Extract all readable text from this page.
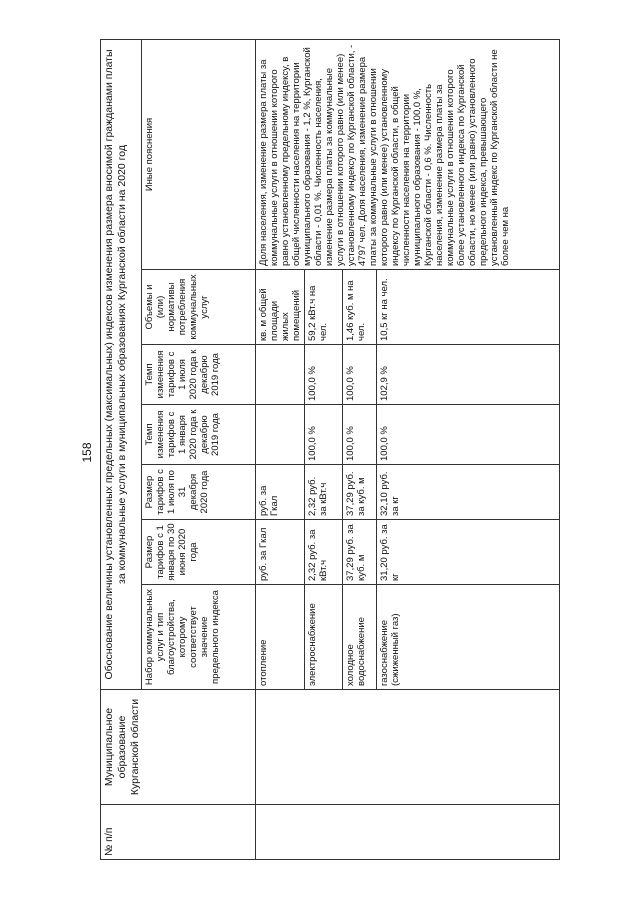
158
№ п/п	Муниципальное образование Курганской области	Обоснование величины установленных предельных (максимальных) индексов изменения размера вносимой гражданами платы за коммунальные услуги в муниципальных образованиях Курганской области на 2020 год						
		Набор коммунальных услуг и тип благоустройства, которому соответствует значение предельного индекса	Размер тарифов с 1 января по 30 июня 2020 года	Размер тарифов с 1 июля по 31 декабря 2020 года	Темп изменения тарифов с 1 января 2020 года к декабрю 2019 года	Темп изменения тарифов с 1 июля 2020 года к декабрю 2019 года	Объемы и (или) нормативы потребления коммунальных услуг	Иные пояснения
		отопление	руб. за Гкал	руб. за Гкал			кв. м общей площади жилых помещений	Доля населения, изменение размера платы за коммунальные услуги в отношении которого равно установленному предельному индексу, в общей численности населения на территории муниципального образования - 1,2 %, Курганской области - 0,01 %. Численность населения, изменение размера платы за коммунальные услуги в отношении которого равно (или менее) установленному индексу по Курганской области, - 4797 чел. Доля населения, изменение размера платы за коммунальные услуги в отношении которого равно (или менее) установленному индексу по Курганской области, в общей численности населения на территории муниципального образования - 100,0 %, Курганской области - 0,6 %. Численность населения, изменение размера платы за коммунальные услуги в отношении которого более установленного индекса по Курганской области, но менее (или равно) установленного предельного индекса, превышающего установленный индекс по Курганской области не более чем на
		электроснабжение	2,32 руб. за кВт.ч	2,32 руб. за кВт.ч	100,0 %	100,0 %	59,2 кВт.ч на чел.	
		холодное водоснабжение	37,29 руб. за куб. м	37,29 руб. за куб. м	100,0 %	100,0 %	1,46 куб. м на чел.	
		газоснабжение (сжиженный газ)	31,20 руб. за кг	32,10 руб. за кг	100,0 %	102,9 %	10,5 кг на чел.	
